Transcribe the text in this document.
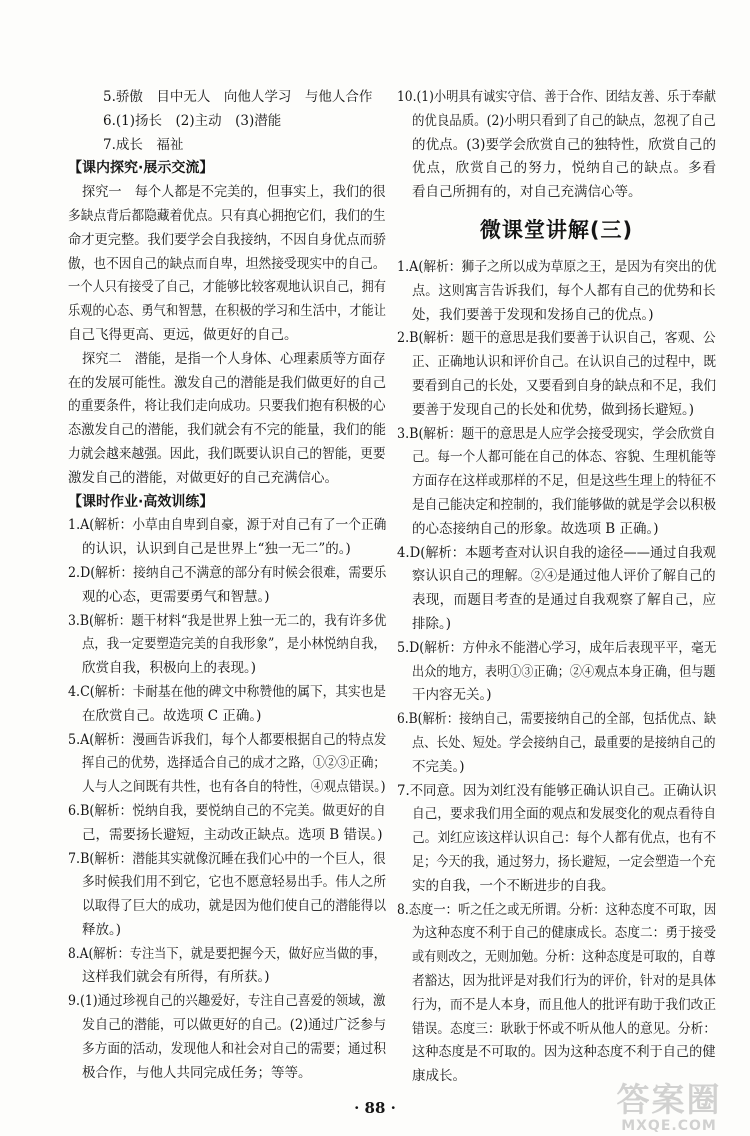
5.骄傲　目中无人　向他人学习　与他人合作
6.(1)扬长　(2)主动　(3)潜能
7.成长　福祉
【课内探究·展示交流】
探究一　每个人都是不完美的，但事实上，我们的很
多缺点背后都隐藏着优点。只有真心拥抱它们，我们的生
命才更完整。我们要学会自我接纳，不因自身优点而骄
傲，也不因自己的缺点而自卑，坦然接受现实中的自己。
一个人只有接受了自己，才能够比较客观地认识自己，拥有
乐观的心态、勇气和智慧，在积极的学习和生活中，才能让
自己飞得更高、更远，做更好的自己。
探究二　潜能，是指一个人身体、心理素质等方面存
在的发展可能性。激发自己的潜能是我们做更好的自己
的重要条件，将让我们走向成功。只要我们抱有积极的心
态激发自己的潜能，我们就会有不完的能量，我们的能
力就会越来越强。因此，我们既要认识自己的智能，更要
激发自己的潜能，对做更好的自己充满信心。
【课时作业·高效训练】
1.A(解析：小草由自卑到自豪，源于对自己有了一个正确
的认识，认识到自己是世界上“独一无二”的。)
2.D(解析：接纳自己不满意的部分有时候会很难，需要乐
观的心态，更需要勇气和智慧。)
3.B(解析：题干材料“我是世界上独一无二的，我有许多优
点，我一定要塑造完美的自我形象”，是小林悦纳自我，
欣赏自我，积极向上的表现。)
4.C(解析：卡耐基在他的碑文中称赞他的属下，其实也是
在欣赏自己。故选项 C 正确。)
5.A(解析：漫画告诉我们，每个人都要根据自己的特点发
挥自己的优势，选择适合自己的成才之路，①②③正确；
人与人之间既有共性，也有各自的特性，④观点错误。)
6.B(解析：悦纳自我，要悦纳自己的不完美。做更好的自
己，需要扬长避短，主动改正缺点。选项 B 错误。)
7.B(解析：潜能其实就像沉睡在我们心中的一个巨人，很
多时候我们用不到它，它也不愿意轻易出手。伟人之所
以取得了巨大的成功，就是因为他们使自己的潜能得以
释放。)
8.A(解析：专注当下，就是要把握今天，做好应当做的事，
这样我们就会有所得，有所获。)
9.(1)通过珍视自己的兴趣爱好，专注自己喜爱的领域，激
发自己的潜能，可以做更好的自己。(2)通过广泛参与
多方面的活动，发现他人和社会对自己的需要；通过积
极合作，与他人共同完成任务；等等。
10.(1)小明具有诚实守信、善于合作、团结友善、乐于奉献
的优良品质。(2)小明只看到了自己的缺点，忽视了自己
的优点。(3)要学会欣赏自己的独特性，欣赏自己的
优点，欣赏自己的努力，悦纳自己的缺点。多看
看自己所拥有的，对自己充满信心等。
微课堂讲解(三)
1.A(解析：狮子之所以成为草原之王，是因为有突出的优
点。这则寓言告诉我们，每个人都有自己的优势和长
处，我们要善于发现和发扬自己的优点。)
2.B(解析：题干的意思是我们要善于认识自己，客观、公
正、正确地认识和评价自己。在认识自己的过程中，既
要看到自己的长处，又要看到自身的缺点和不足，我们
要善于发现自己的长处和优势，做到扬长避短。)
3.B(解析：题干的意思是人应学会接受现实，学会欣赏自
己。每一个人都可能在自己的体态、容貌、生理机能等
方面存在这样或那样的不足，但是这些生理上的特征不
是自己能决定和控制的，我们能够做的就是学会以积极
的心态接纳自己的形象。故选项 B 正确。)
4.D(解析：本题考查对认识自我的途径——通过自我观
察认识自己的理解。②④是通过他人评价了解自己的
表现，而题目考查的是通过自我观察了解自己，应
排除。)
5.D(解析：方仲永不能潜心学习，成年后表现平平，毫无
出众的地方，表明①③正确；②④观点本身正确，但与题
干内容无关。)
6.B(解析：接纳自己，需要接纳自己的全部，包括优点、缺
点、长处、短处。学会接纳自己，最重要的是接纳自己的
不完美。)
7.不同意。因为刘红没有能够正确认识自己。正确认识
自己，要求我们用全面的观点和发展变化的观点看待自
己。刘红应该这样认识自己：每个人都有优点，也有不
足；今天的我，通过努力，扬长避短，一定会塑造一个充
实的自我，一个不断进步的自我。
8.态度一：听之任之或无所谓。分析：这种态度不可取，因
为这种态度不利于自己的健康成长。态度二：勇于接受
或有则改之，无则加勉。分析：这种态度是可取的，自尊
者豁达，因为批评是对我们行为的评价，针对的是具体
行为，而不是人本身，而且他人的批评有助于我们改正
错误。态度三：耿耿于怀或不听从他人的意见。分析：
这种态度是不可取的。因为这种态度不利于自己的健
康成长。
· 88 ·	答案圈
MXQE.COM
